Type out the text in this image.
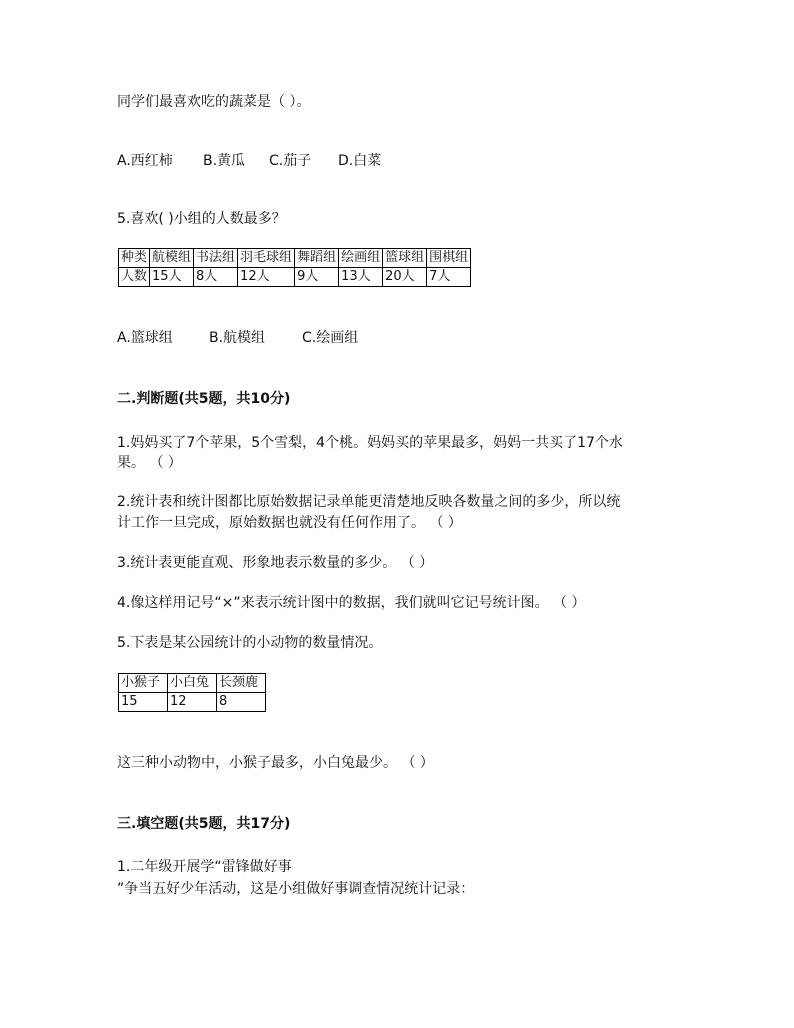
同学们最喜欢吃的蔬菜是（ ）。
A.西红柿 B.黄瓜 C.茄子 D.白菜
5.喜欢( )小组的人数最多？
种类	航模组	书法组	羽毛球组	舞蹈组	绘画组	篮球组	围棋组
人数	15人	8人	12人	9人	13人	20人	7人
A.篮球组	B.航模组	C.绘画组
二.判断题(共5题，共10分)
1.妈妈买了7个苹果，5个雪梨，4个桃。妈妈买的苹果最多，妈妈一共买了17个水
果。 （ ）
2.统计表和统计图都比原始数据记录单能更清楚地反映各数量之间的多少，所以统
计工作一旦完成，原始数据也就没有任何作用了。 （ ）
3.统计表更能直观、形象地表示数量的多少。 （ ）
4.像这样用记号“×”来表示统计图中的数据，我们就叫它记号统计图。 （ ）
5.下表是某公园统计的小动物的数量情况。
小猴子	小白兔	长颈鹿
15	12	8
这三种小动物中，小猴子最多，小白兔最少。 （ ）
三.填空题(共5题，共17分)
1.二年级开展学“雷锋做好事
”争当五好少年活动，这是小组做好事调查情况统计记录：
